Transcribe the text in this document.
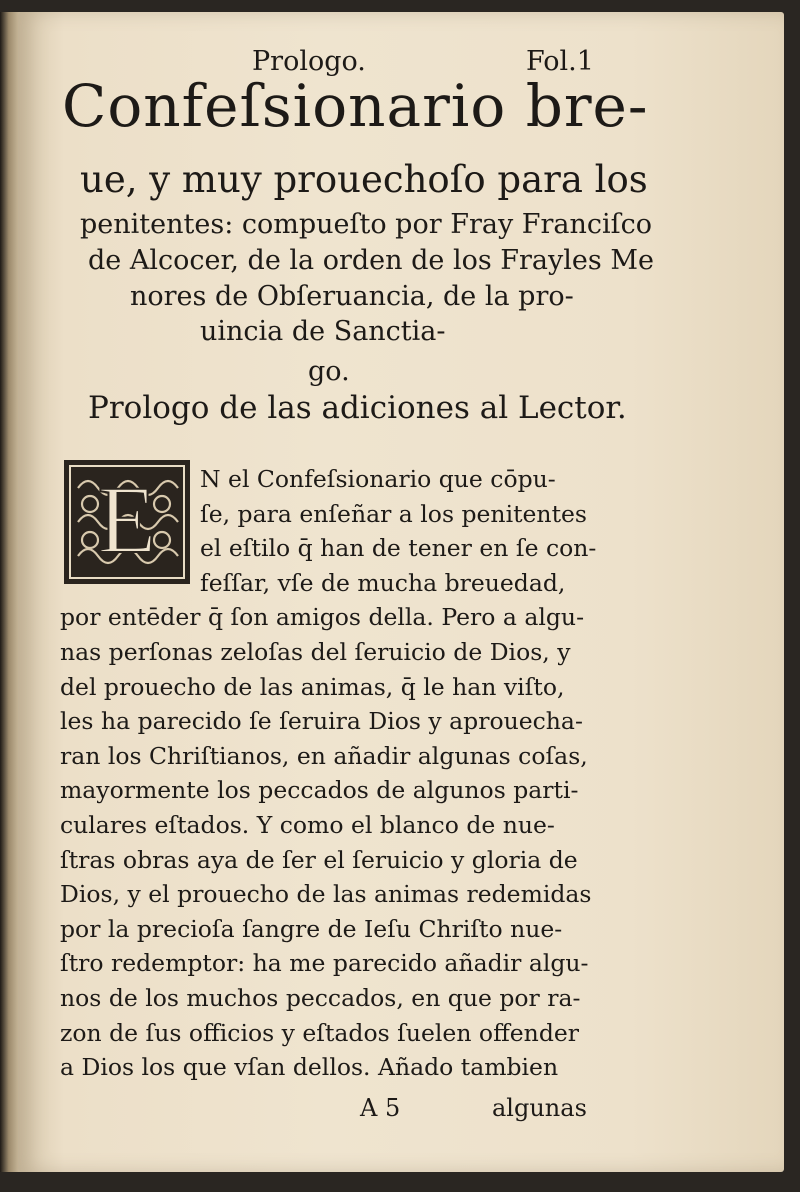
Prologo.	Fol.1
Confeſsionario bre-
ue, y muy prouechoſo para los
penitentes: compueſto por Fray Franciſco
de Alcocer, de la orden de los Frayles Me
nores de Obſeruancia, de la pro-
uincia de Sanctia-
go.
Prologo de las adiciones al Lector.
E	N el Confeſsionario que cōpu-
ſe, para enſeñar a los penitentes
el eſtilo q̄ han de tener en ſe con-
feſſar, vſe de mucha breuedad,
por entēder q̄ ſon amigos della. Pero a algu-
nas perſonas zeloſas del ſeruicio de Dios, y
del prouecho de las animas, q̄ le han viſto,
les ha parecido ſe ſeruira Dios y aprouecha-
ran los Chriſtianos, en añadir algunas coſas,
mayormente los peccados de algunos parti-
culares eſtados. Y como el blanco de nue-
ſtras obras aya de ſer el ſeruicio y gloria de
Dios, y el prouecho de las animas redemidas
por la precioſa ſangre de Ieſu Chriſto nue-
ſtro redemptor: ha me parecido añadir algu-
nos de los muchos peccados, en que por ra-
zon de ſus officios y eſtados ſuelen offender
a Dios los que vſan dellos. Añado tambien
A 5	algunas
